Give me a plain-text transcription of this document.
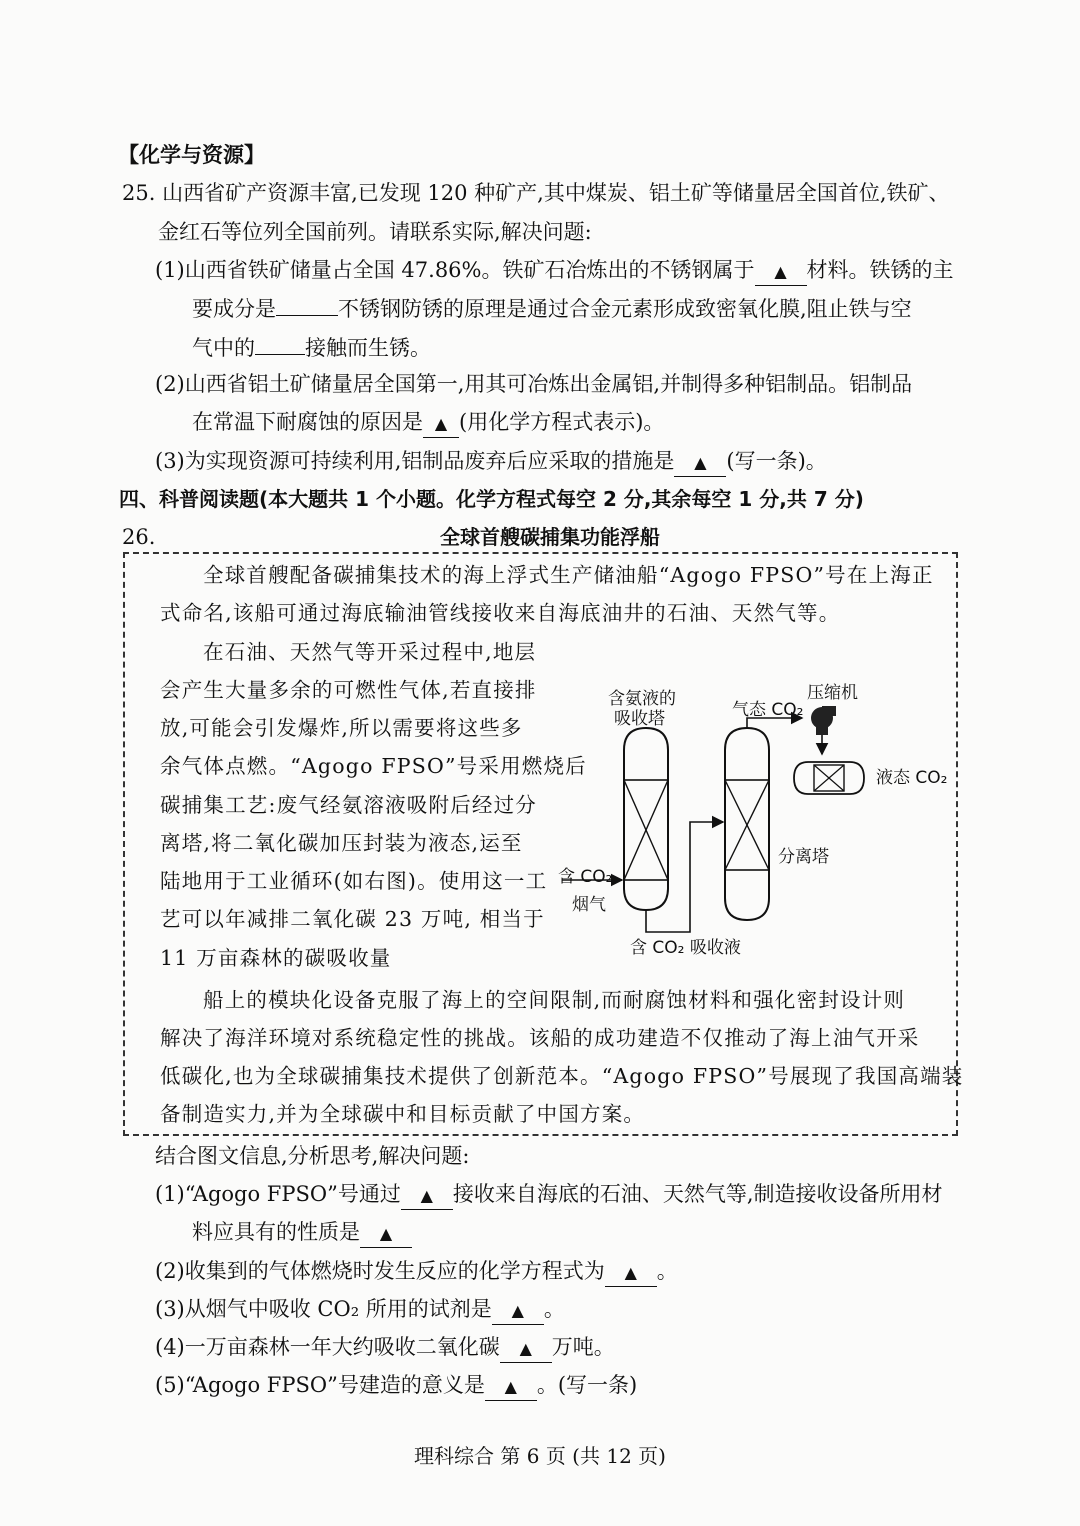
【化学与资源】
25. 山西省矿产资源丰富,已发现 120 种矿产,其中煤炭、铝土矿等储量居全国首位,铁矿、
金红石等位列全国前列。请联系实际,解决问题:
(1)山西省铁矿储量占全国 47.86%。铁矿石冶炼出的不锈钢属于 ▲ 材料。铁锈的主
要成分是	不锈钢防锈的原理是通过合金元素形成致密氧化膜,阻止铁与空
气中的 接触而生锈。
(2)山西省铝土矿储量居全国第一,用其可冶炼出金属铝,并制得多种铝制品。铝制品
在常温下耐腐蚀的原因是 ▲ (用化学方程式表示)。
(3)为实现资源可持续利用,铝制品废弃后应采取的措施是 ▲ (写一条)。
四、科普阅读题(本大题共 1 个小题。化学方程式每空 2 分,其余每空 1 分,共 7 分)
26.	全球首艘碳捕集功能浮船
全球首艘配备碳捕集技术的海上浮式生产储油船“Agogo FPSO”号在上海正
式命名,该船可通过海底输油管线接收来自海底油井的石油、天然气等。
在石油、天然气等开采过程中,地层
会产生大量多余的可燃性气体,若直接排
放,可能会引发爆炸,所以需要将这些多
余气体点燃。“Agogo FPSO”号采用燃烧后
碳捕集工艺:废气经氨溶液吸附后经过分
离塔,将二氧化碳加压封装为液态,运至
陆地用于工业循环(如右图)。使用这一工
艺可以年减排二氧化碳 23 万吨, 相当于
11 万亩森林的碳吸收量
含氨液的
吸收塔	气态 CO₂
压缩机
液态 CO₂
分离塔
含 CO₂
烟气
含 CO₂ 吸收液
船上的模块化设备克服了海上的空间限制,而耐腐蚀材料和强化密封设计则
解决了海洋环境对系统稳定性的挑战。该船的成功建造不仅推动了海上油气开采
低碳化,也为全球碳捕集技术提供了创新范本。“Agogo FPSO”号展现了我国高端装
备制造实力,并为全球碳中和目标贡献了中国方案。
结合图文信息,分析思考,解决问题:
(1)“Agogo FPSO”号通过 ▲ 接收来自海底的石油、天然气等,制造接收设备所用材
料应具有的性质是 ▲
(2)收集到的气体燃烧时发生反应的化学方程式为 ▲ 。
(3)从烟气中吸收 CO₂ 所用的试剂是 ▲ 。
(4)一万亩森林一年大约吸收二氧化碳 ▲ 万吨。
(5)“Agogo FPSO”号建造的意义是 ▲ 。(写一条)
理科综合 第 6 页 (共 12 页)
